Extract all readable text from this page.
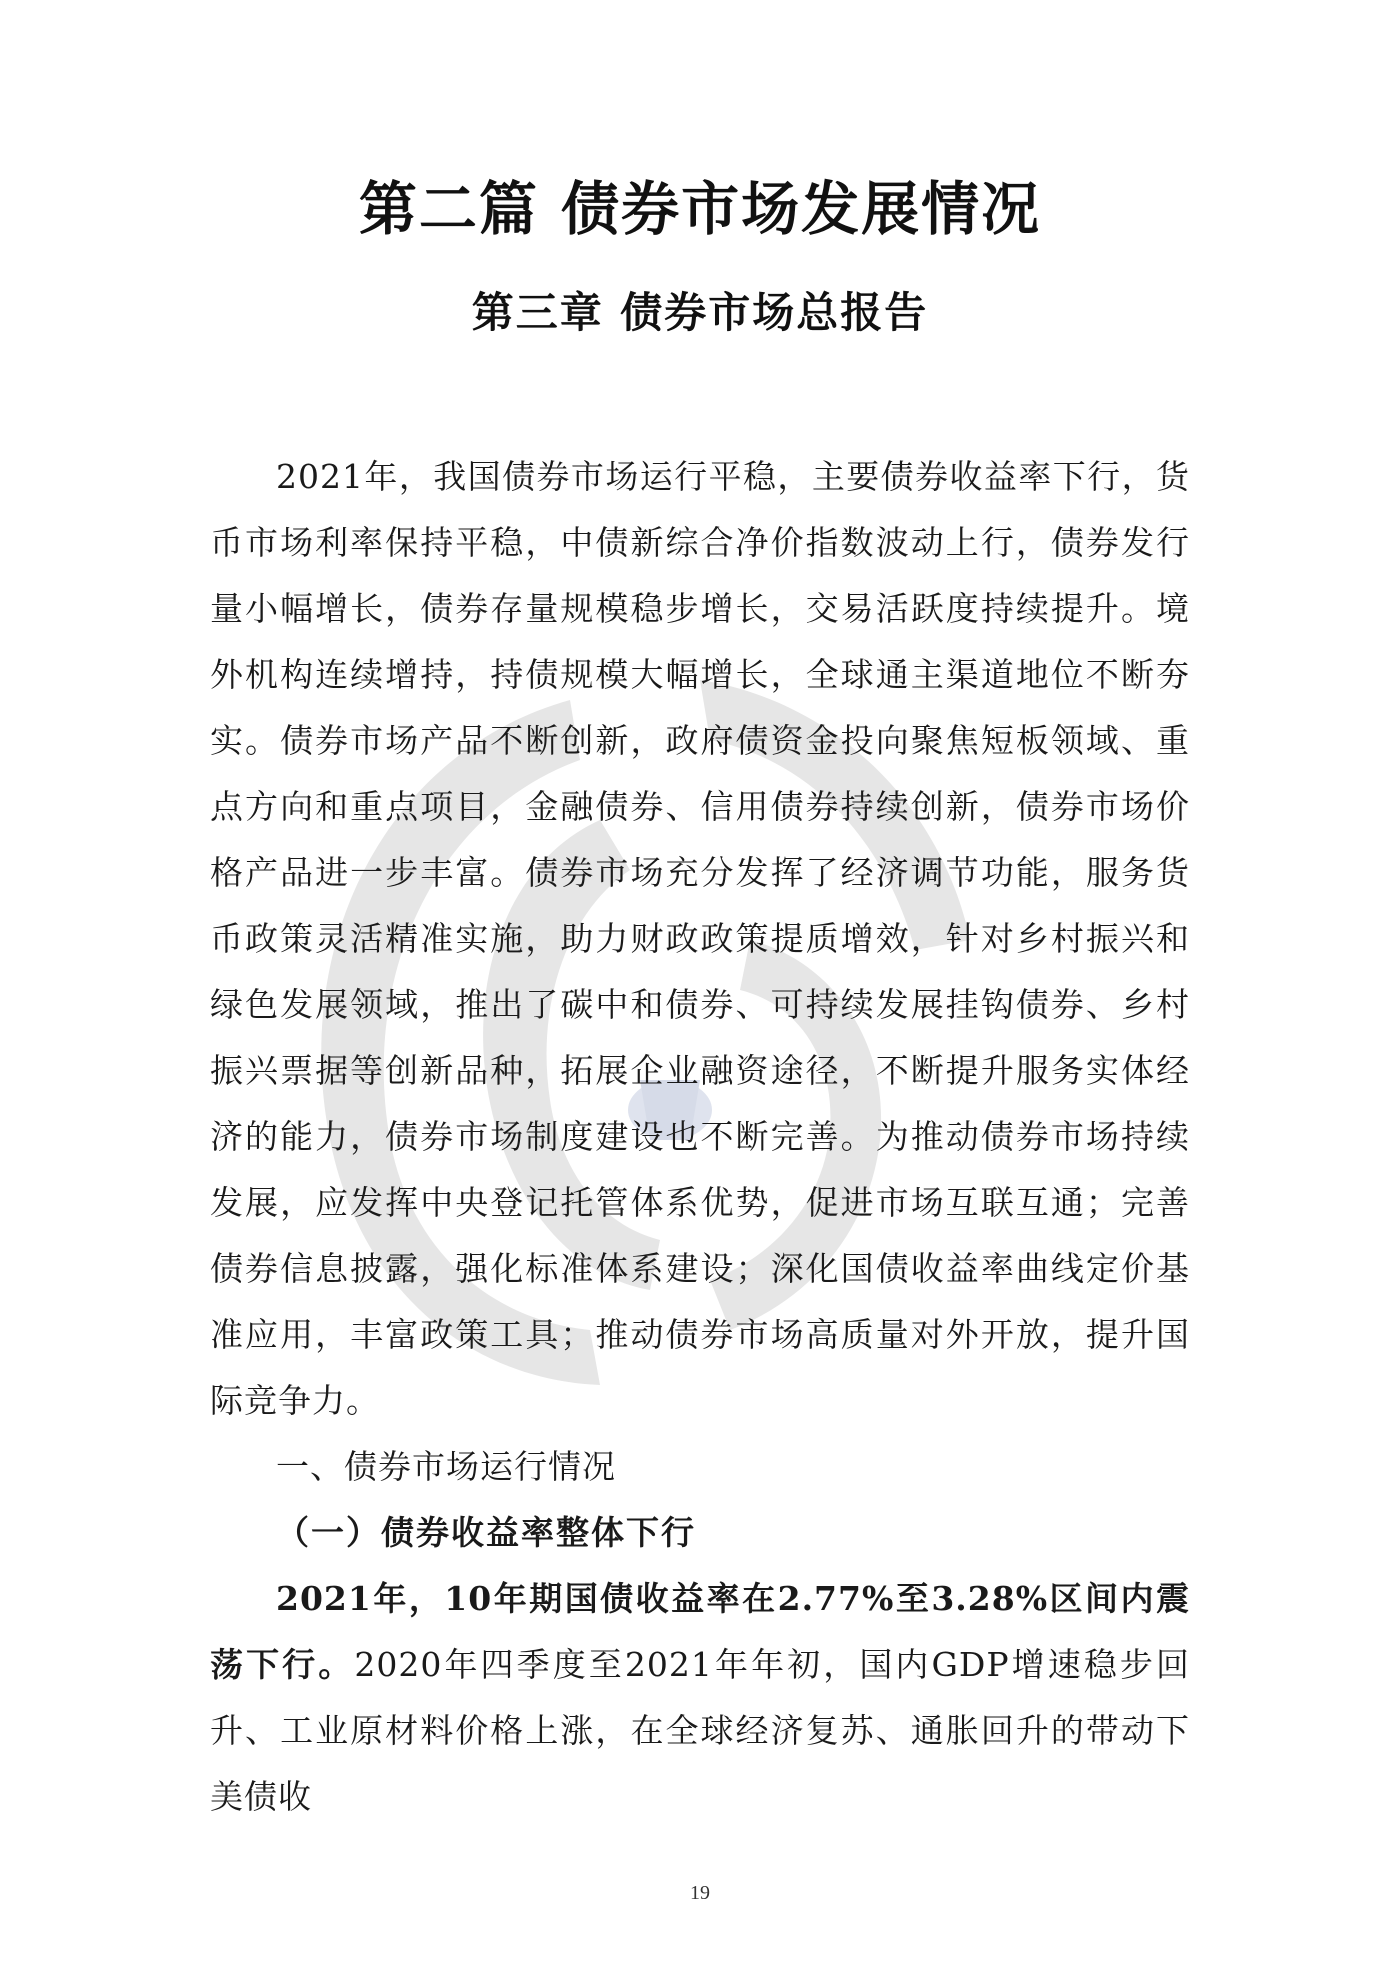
第二篇 债券市场发展情况
第三章 债券市场总报告

2021年，我国债券市场运行平稳，主要债券收益率下行，货币市场利率保持平稳，中债新综合净价指数波动上行，债券发行量小幅增长，债券存量规模稳步增长，交易活跃度持续提升。境外机构连续增持，持债规模大幅增长，全球通主渠道地位不断夯实。债券市场产品不断创新，政府债资金投向聚焦短板领域、重点方向和重点项目，金融债券、信用债券持续创新，债券市场价格产品进一步丰富。债券市场充分发挥了经济调节功能，服务货币政策灵活精准实施，助力财政政策提质增效，针对乡村振兴和绿色发展领域，推出了碳中和债券、可持续发展挂钩债券、乡村振兴票据等创新品种，拓展企业融资途径，不断提升服务实体经济的能力，债券市场制度建设也不断完善。为推动债券市场持续发展，应发挥中央登记托管体系优势，促进市场互联互通；完善债券信息披露，强化标准体系建设；深化国债收益率曲线定价基准应用，丰富政策工具；推动债券市场高质量对外开放，提升国际竞争力。

一、债券市场运行情况

（一）债券收益率整体下行

2021年，10年期国债收益率在2.77%至3.28%区间内震荡下行。2020年四季度至2021年年初，国内GDP增速稳步回升、工业原材料价格上涨，在全球经济复苏、通胀回升的带动下美债收

19
